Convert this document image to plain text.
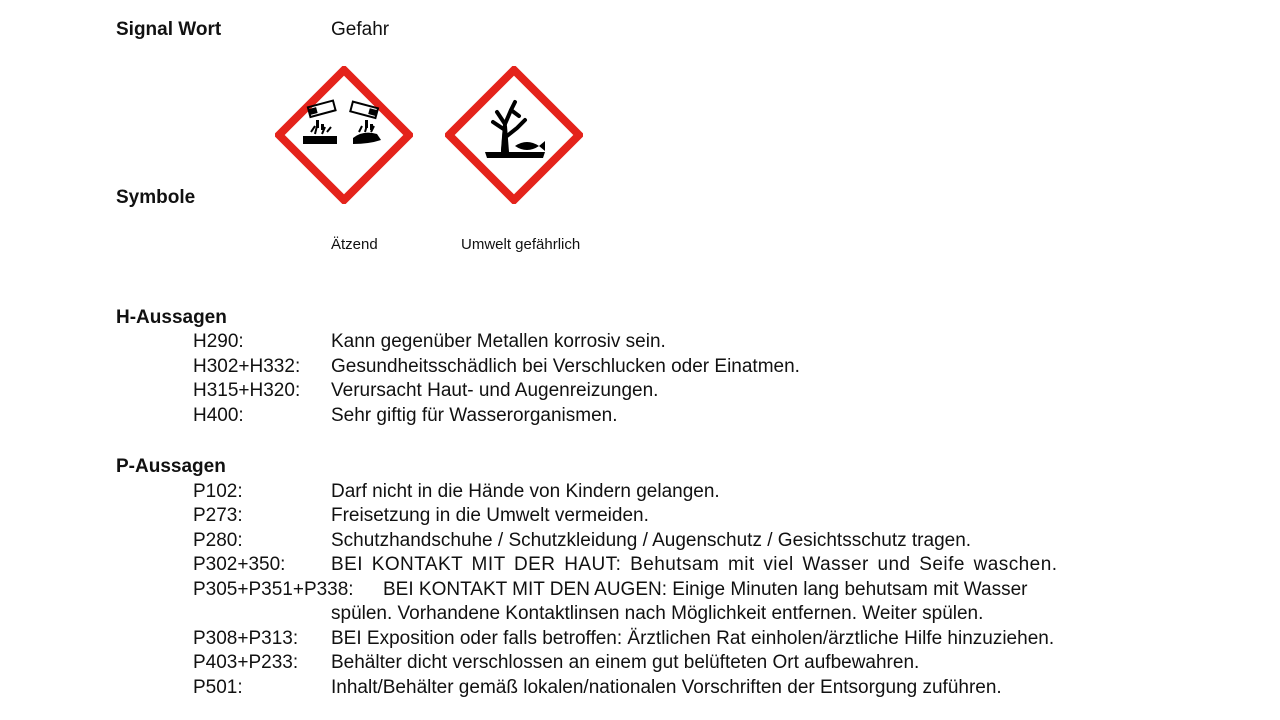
Signal Wort	Gefahr
Symbole
Ätzend	Umwelt gefährlich
H-Aussagen
H290:	Kann gegenüber Metallen korrosiv sein.
H302+H332: Gesundheitsschädlich bei Verschlucken oder Einatmen.
H315+H320: Verursacht Haut- und Augenreizungen.
H400:	Sehr giftig für Wasserorganismen.
P-Aussagen
P102:	Darf nicht in die Hände von Kindern gelangen.
P273:	Freisetzung in die Umwelt vermeiden.
P280:	Schutzhandschuhe / Schutzkleidung / Augenschutz / Gesichtsschutz tragen.
P302+350: BEI KONTAKT MIT DER HAUT: Behutsam mit viel Wasser und Seife waschen.
P305+P351+P338: BEI KONTAKT MIT DEN AUGEN: Einige Minuten lang behutsam mit Wasser
spülen. Vorhandene Kontaktlinsen nach Möglichkeit entfernen. Weiter spülen.
P308+P313: BEI Exposition oder falls betroffen: Ärztlichen Rat einholen/ärztliche Hilfe hinzuziehen.
P403+P233: Behälter dicht verschlossen an einem gut belüfteten Ort aufbewahren.
P501:	Inhalt/Behälter gemäß lokalen/nationalen Vorschriften der Entsorgung zuführen.
